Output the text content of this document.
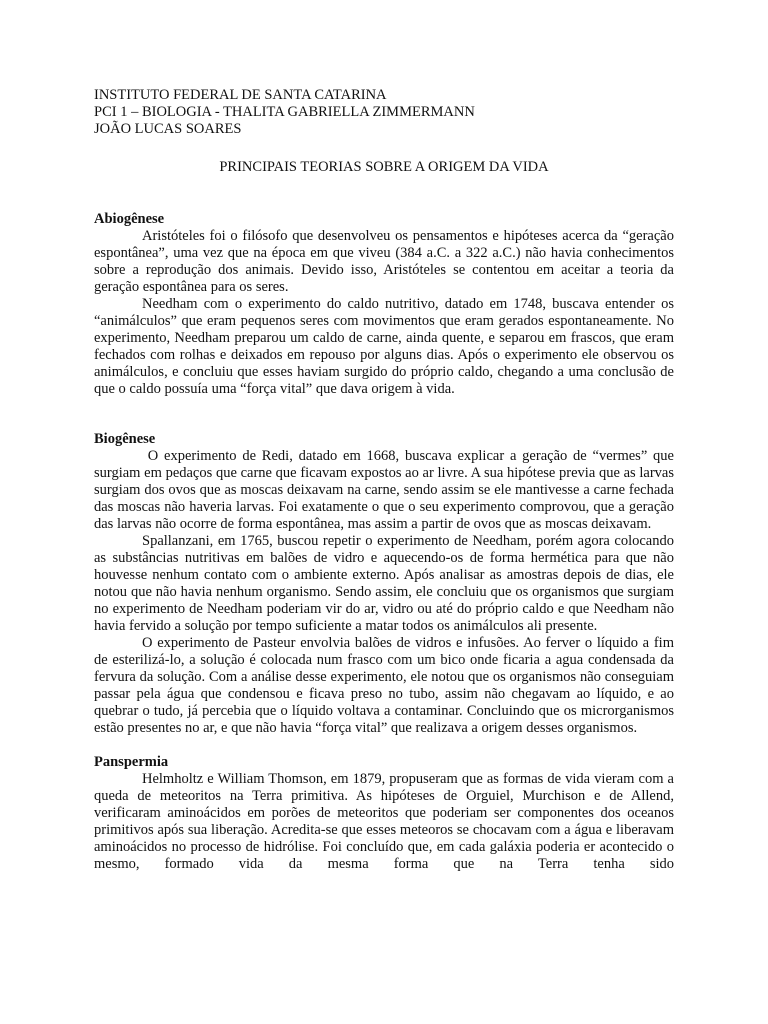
INSTITUTO FEDERAL DE SANTA CATARINA
PCI 1 – BIOLOGIA - THALITA GABRIELLA ZIMMERMANN
JOÃO LUCAS SOARES
PRINCIPAIS TEORIAS SOBRE A ORIGEM DA VIDA

Abiogênese

Aristóteles foi o filósofo que desenvolveu os pensamentos e hipóteses acerca da “geração espontânea”, uma vez que na época em que viveu (384 a.C. a 322 a.C.) não havia conhecimentos sobre a reprodução dos animais. Devido isso, Aristóteles se contentou em aceitar a teoria da geração espontânea para os seres.

Needham com o experimento do caldo nutritivo, datado em 1748, buscava entender os “animálculos” que eram pequenos seres com movimentos que eram gerados espontaneamente. No experimento, Needham preparou um caldo de carne, ainda quente, e separou em frascos, que eram fechados com rolhas e deixados em repouso por alguns dias. Após o experimento ele observou os animálculos, e concluiu que esses haviam surgido do próprio caldo, chegando a uma conclusão de que o caldo possuía uma “força vital” que dava origem à vida.

Biogênese

O experimento de Redi, datado em 1668, buscava explicar a geração de “vermes” que surgiam em pedaços que carne que ficavam expostos ao ar livre. A sua hipótese previa que as larvas surgiam dos ovos que as moscas deixavam na carne, sendo assim se ele mantivesse a carne fechada das moscas não haveria larvas. Foi exatamente o que o seu experimento comprovou, que a geração das larvas não ocorre de forma espontânea, mas assim a partir de ovos que as moscas deixavam.

Spallanzani, em 1765, buscou repetir o experimento de Needham, porém agora colocando as substâncias nutritivas em balões de vidro e aquecendo-os de forma hermética para que não houvesse nenhum contato com o ambiente externo. Após analisar as amostras depois de dias, ele notou que não havia nenhum organismo. Sendo assim, ele concluiu que os organismos que surgiam no experimento de Needham poderiam vir do ar, vidro ou até do próprio caldo e que Needham não havia fervido a solução por tempo suficiente a matar todos os animálculos ali presente.

O experimento de Pasteur envolvia balões de vidros e infusões. Ao ferver o líquido a fim de esterilizá-lo, a solução é colocada num frasco com um bico onde ficaria a agua condensada da fervura da solução. Com a análise desse experimento, ele notou que os organismos não conseguiam passar pela água que condensou e ficava preso no tubo, assim não chegavam ao líquido, e ao quebrar o tudo, já percebia que o líquido voltava a contaminar. Concluindo que os microrganismos estão presentes no ar, e que não havia “força vital” que realizava a origem desses organismos.

Panspermia

Helmholtz e William Thomson, em 1879, propuseram que as formas de vida vieram com a queda de meteoritos na Terra primitiva. As hipóteses de Orguiel, Murchison e de Allend, verificaram aminoácidos em porões de meteoritos que poderiam ser componentes dos oceanos primitivos após sua liberação. Acredita-se que esses meteoros se chocavam com a água e liberavam aminoácidos no processo de hidrólise. Foi concluído que, em cada galáxia poderia er acontecido o mesmo, formado vida da mesma forma que na Terra tenha sido
